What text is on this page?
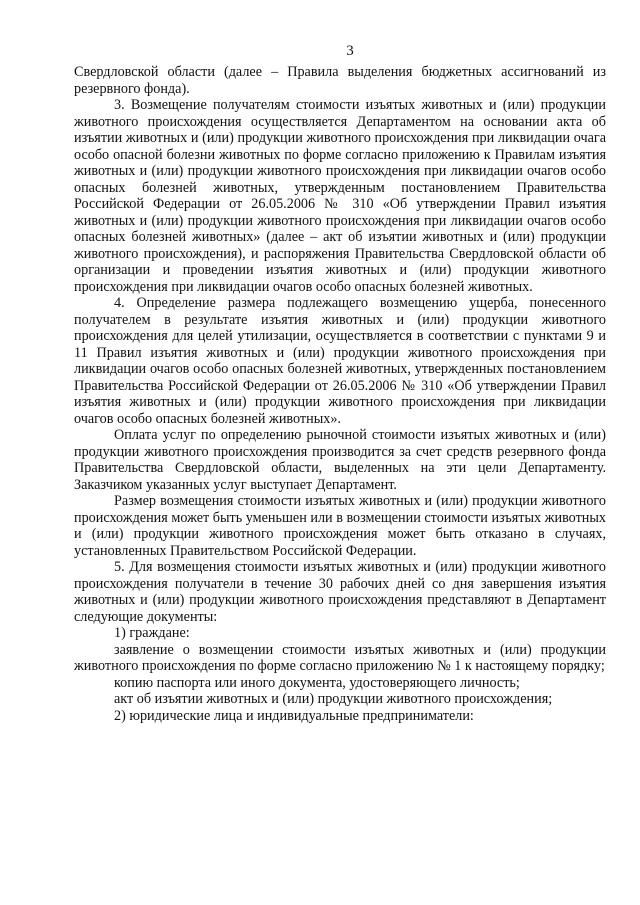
3

Свердловской области (далее – Правила выделения бюджетных ассигнований из резервного фонда).

3. Возмещение получателям стоимости изъятых животных и (или) продукции животного происхождения осуществляется Департаментом на основании акта об изъятии животных и (или) продукции животного происхождения при ликвидации очага особо опасной болезни животных по форме согласно приложению к Правилам изъятия животных и (или) продукции животного происхождения при ликвидации очагов особо опасных болезней животных, утвержденным постановлением Правительства Российской Федерации от 26.05.2006 № 310 «Об утверждении Правил изъятия животных и (или) продукции животного происхождения при ликвидации очагов особо опасных болезней животных» (далее – акт об изъятии животных и (или) продукции животного происхождения), и распоряжения Правительства Свердловской области об организации и проведении изъятия животных и (или) продукции животного происхождения при ликвидации очагов особо опасных болезней животных.

4. Определение размера подлежащего возмещению ущерба, понесенного получателем в результате изъятия животных и (или) продукции животного происхождения для целей утилизации, осуществляется в соответствии с пунктами 9 и 11 Правил изъятия животных и (или) продукции животного происхождения при ликвидации очагов особо опасных болезней животных, утвержденных постановлением Правительства Российской Федерации от 26.05.2006 № 310 «Об утверждении Правил изъятия животных и (или) продукции животного происхождения при ликвидации очагов особо опасных болезней животных».

Оплата услуг по определению рыночной стоимости изъятых животных и (или) продукции животного происхождения производится за счет средств резервного фонда Правительства Свердловской области, выделенных на эти цели Департаменту. Заказчиком указанных услуг выступает Департамент.

Размер возмещения стоимости изъятых животных и (или) продукции животного происхождения может быть уменьшен или в возмещении стоимости изъятых животных и (или) продукции животного происхождения может быть отказано в случаях, установленных Правительством Российской Федерации.

5. Для возмещения стоимости изъятых животных и (или) продукции животного происхождения получатели в течение 30 рабочих дней со дня завершения изъятия животных и (или) продукции животного происхождения представляют в Департамент следующие документы:

1) граждане:

заявление о возмещении стоимости изъятых животных и (или) продукции животного происхождения по форме согласно приложению № 1 к настоящему порядку;

копию паспорта или иного документа, удостоверяющего личность;

акт об изъятии животных и (или) продукции животного происхождения;

2) юридические лица и индивидуальные предприниматели:
